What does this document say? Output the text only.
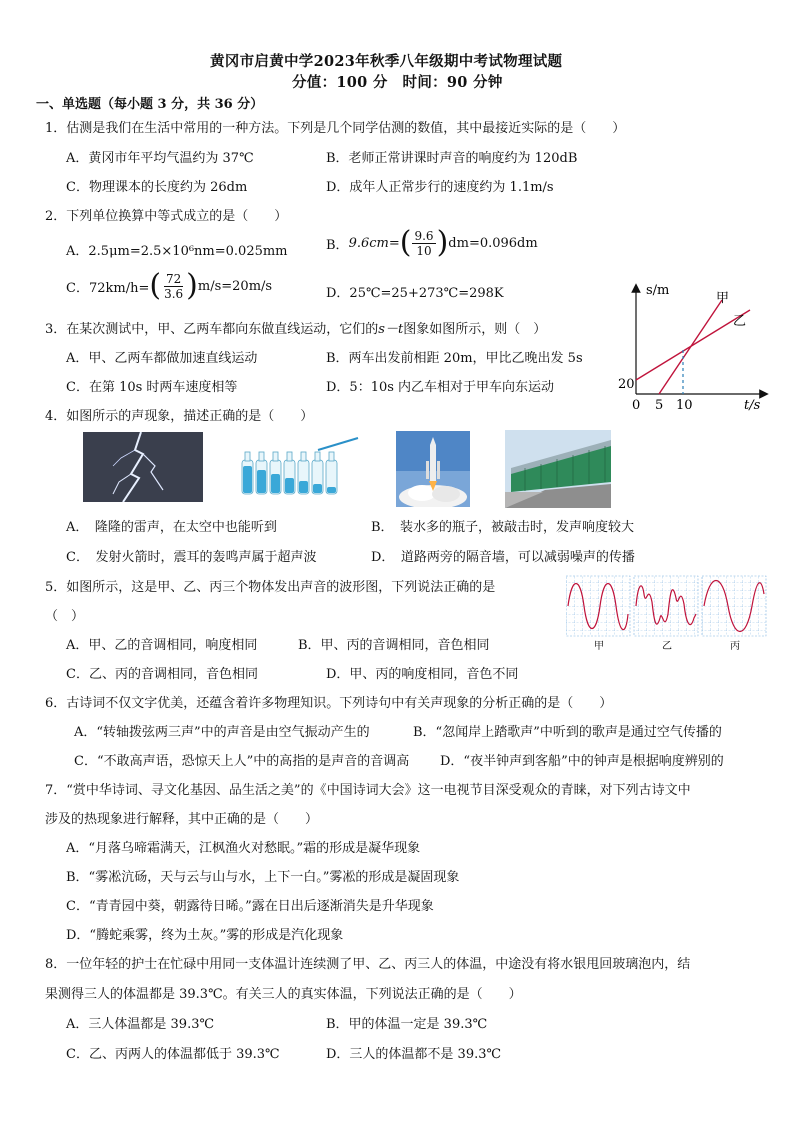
黄冈市启黄中学2023年秋季八年级期中考试物理试题
分值：100 分　时间：90 分钟
一、单选题（每小题 3 分，共 36 分）
1．估测是我们在生活中常用的一种方法。下列是几个同学估测的数值，其中最接近实际的是（　　）
A．黄冈市年平均气温约为 37℃	B．老师正常讲课时声音的响度约为 120dB
C．物理课本的长度约为 26dm	D．成年人正常步行的速度约为 1.1m/s
2．下列单位换算中等式成立的是（　　）
A．2.5μm=2.5×10⁶nm=0.025mm	B． 9.6cm = ( $\frac{9.6}{10}$ ) dm=0.096dm
C．72km/h= ( $\frac{72}{3.6}$ ) m/s=20m/s	D．25℃=25+273℃=298K
3．在某次测试中，甲、乙两车都向东做直线运动，它们的s－t图象如图所示，则（　）
A．甲、乙两车都做加速直线运动	B．两车出发前相距 20m，甲比乙晚出发 5s
C．在第 10s 时两车速度相等	D．5：10s 内乙车相对于甲车向东运动
s/m
t/s
20
0 5 10
甲
乙
4．如图所示的声现象，描述正确的是（　　）
A．　隆隆的雷声，在太空中也能听到	B．　装水多的瓶子，被敲击时，发声响度较大
C．　发射火箭时，震耳的轰鸣声属于超声波	D．　道路两旁的隔音墙，可以减弱噪声的传播
5．如图所示，这是甲、乙、丙三个物体发出声音的波形图，下列说法正确的是
（　）
A．甲、乙的音调相同，响度相同	B．甲、丙的音调相同，音色相同
C．乙、丙的音调相同，音色相同	D．甲、丙的响度相同，音色不同
甲	乙	丙
6．古诗词不仅文字优美，还蕴含着许多物理知识。下列诗句中有关声现象的分析正确的是（　　）
A．“转轴拨弦两三声”中的声音是由空气振动产生的	B．“忽闻岸上踏歌声”中听到的歌声是通过空气传播的
C．“不敢高声语，恐惊天上人”中的高指的是声音的音调高 D．“夜半钟声到客船”中的钟声是根据响度辨别的
7．“赏中华诗词、寻文化基因、品生活之美”的《中国诗词大会》这一电视节目深受观众的青睐，对下列古诗文中
涉及的热现象进行解释，其中正确的是（　　）
A．“月落乌啼霜满天，江枫渔火对愁眠。”霜的形成是凝华现象
B．“雾凇沆砀，天与云与山与水，上下一白。”雾凇的形成是凝固现象
C．“青青园中葵，朝露待日晞。”露在日出后逐渐消失是升华现象
D．“腾蛇乘雾，终为土灰。”雾的形成是汽化现象
8．一位年轻的护士在忙碌中用同一支体温计连续测了甲、乙、丙三人的体温，中途没有将水银甩回玻璃泡内，结
果测得三人的体温都是 39.3℃。有关三人的真实体温，下列说法正确的是（　　）
A．三人体温都是 39.3℃	B．甲的体温一定是 39.3℃
C．乙、丙两人的体温都低于 39.3℃	D．三人的体温都不是 39.3℃
